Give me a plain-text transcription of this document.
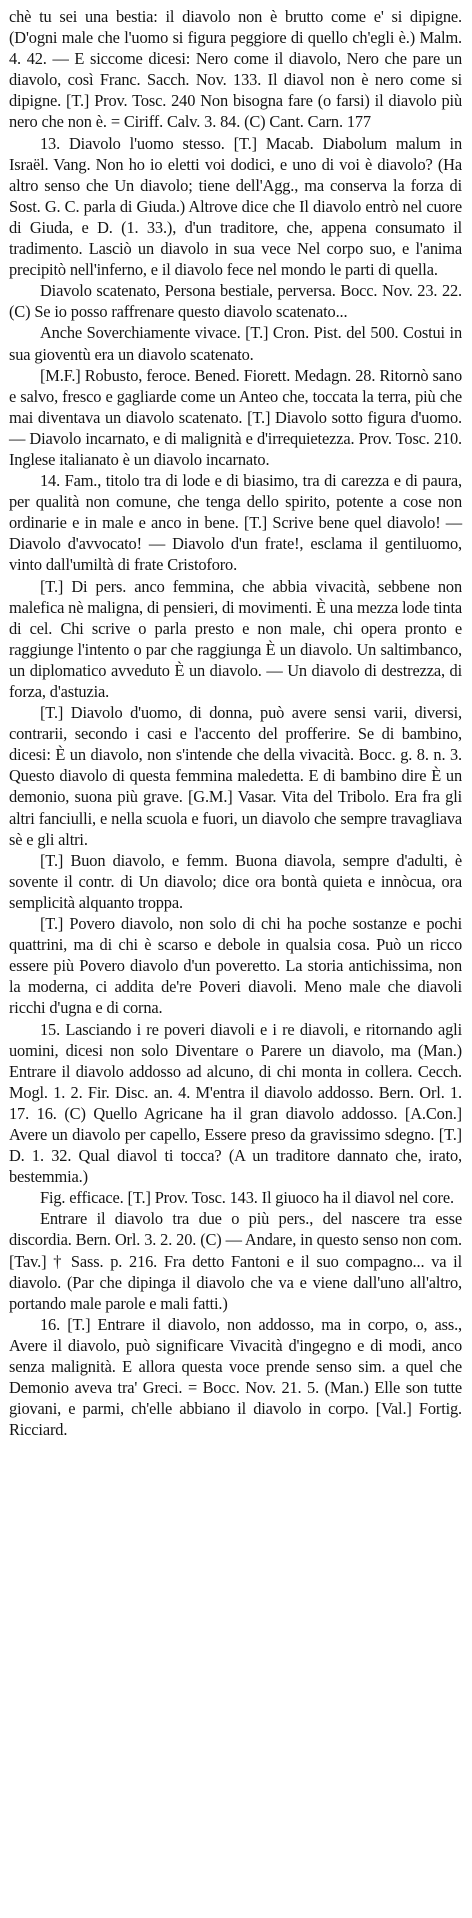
chè tu sei una bestia: il diavolo non è brutto come e' si dipigne. (D'ogni male che l'uomo si figura peggiore di quello ch'egli è.) Malm. 4. 42. — E siccome dicesi: Nero come il diavolo, Nero che pare un diavolo, così Franc. Sacch. Nov. 133. Il diavol non è nero come si dipigne. [T.] Prov. Tosc. 240 Non bisogna fare (o farsi) il diavolo più nero che non è. = Ciriff. Calv. 3. 84. (C) Cant. Carn. 177

13. Diavolo l'uomo stesso. [T.] Macab. Diabolum malum in Israël. Vang. Non ho io eletti voi dodici, e uno di voi è diavolo? (Ha altro senso che Un diavolo; tiene dell'Agg., ma conserva la forza di Sost. G. C. parla di Giuda.) Altrove dice che Il diavolo entrò nel cuore di Giuda, e D. (1. 33.), d'un traditore, che, appena consumato il tradimento. Lasciò un diavolo in sua vece Nel corpo suo, e l'anima precipitò nell'inferno, e il diavolo fece nel mondo le parti di quella.

Diavolo scatenato, Persona bestiale, perversa. Bocc. Nov. 23. 22. (C) Se io posso raffrenare questo diavolo scatenato...

Anche Soverchiamente vivace. [T.] Cron. Pist. del 500. Costui in sua gioventù era un diavolo scatenato.

[M.F.] Robusto, feroce. Bened. Fiorett. Medagn. 28. Ritornò sano e salvo, fresco e gagliarde come un Anteo che, toccata la terra, più che mai diventava un diavolo scatenato. [T.] Diavolo sotto figura d'uomo. — Diavolo incarnato, e di malignità e d'irrequietezza. Prov. Tosc. 210. Inglese italianato è un diavolo incarnato.

14. Fam., titolo tra di lode e di biasimo, tra di carezza e di paura, per qualità non comune, che tenga dello spirito, potente a cose non ordinarie e in male e anco in bene. [T.] Scrive bene quel diavolo! — Diavolo d'avvocato! — Diavolo d'un frate!, esclama il gentiluomo, vinto dall'umiltà di frate Cristoforo.

[T.] Di pers. anco femmina, che abbia vivacità, sebbene non malefica nè maligna, di pensieri, di movimenti. È una mezza lode tinta di cel. Chi scrive o parla presto e non male, chi opera pronto e raggiunge l'intento o par che raggiunga È un diavolo. Un saltimbanco, un diplomatico avveduto È un diavolo. — Un diavolo di destrezza, di forza, d'astuzia.

[T.] Diavolo d'uomo, di donna, può avere sensi varii, diversi, contrarii, secondo i casi e l'accento del profferire. Se di bambino, dicesi: È un diavolo, non s'intende che della vivacità. Bocc. g. 8. n. 3. Questo diavolo di questa femmina maledetta. E di bambino dire È un demonio, suona più grave. [G.M.] Vasar. Vita del Tribolo. Era fra gli altri fanciulli, e nella scuola e fuori, un diavolo che sempre travagliava sè e gli altri.

[T.] Buon diavolo, e femm. Buona diavola, sempre d'adulti, è sovente il contr. di Un diavolo; dice ora bontà quieta e innòcua, ora semplicità alquanto troppa.

[T.] Povero diavolo, non solo di chi ha poche sostanze e pochi quattrini, ma di chi è scarso e debole in qualsia cosa. Può un ricco essere più Povero diavolo d'un poveretto. La storia antichissima, non la moderna, ci addita de're Poveri diavoli. Meno male che diavoli ricchi d'ugna e di corna.

15. Lasciando i re poveri diavoli e i re diavoli, e ritornando agli uomini, dicesi non solo Diventare o Parere un diavolo, ma (Man.) Entrare il diavolo addosso ad alcuno, di chi monta in collera. Cecch. Mogl. 1. 2. Fir. Disc. an. 4. M'entra il diavolo addosso. Bern. Orl. 1. 17. 16. (C) Quello Agricane ha il gran diavolo addosso. [A.Con.] Avere un diavolo per capello, Essere preso da gravissimo sdegno. [T.] D. 1. 32. Qual diavol ti tocca? (A un traditore dannato che, irato, bestemmia.)

Fig. efficace. [T.] Prov. Tosc. 143. Il giuoco ha il diavol nel core.

Entrare il diavolo tra due o più pers., del nascere tra esse discordia. Bern. Orl. 3. 2. 20. (C) — Andare, in questo senso non com. [Tav.] † Sass. p. 216. Fra detto Fantoni e il suo compagno... va il diavolo. (Par che dipinga il diavolo che va e viene dall'uno all'altro, portando male parole e mali fatti.)

16. [T.] Entrare il diavolo, non addosso, ma in corpo, o, ass., Avere il diavolo, può significare Vivacità d'ingegno e di modi, anco senza malignità. E allora questa voce prende senso sim. a quel che Demonio aveva tra' Greci. = Bocc. Nov. 21. 5. (Man.) Elle son tutte giovani, e parmi, ch'elle abbiano il diavolo in corpo. [Val.] Fortig. Ricciard.
